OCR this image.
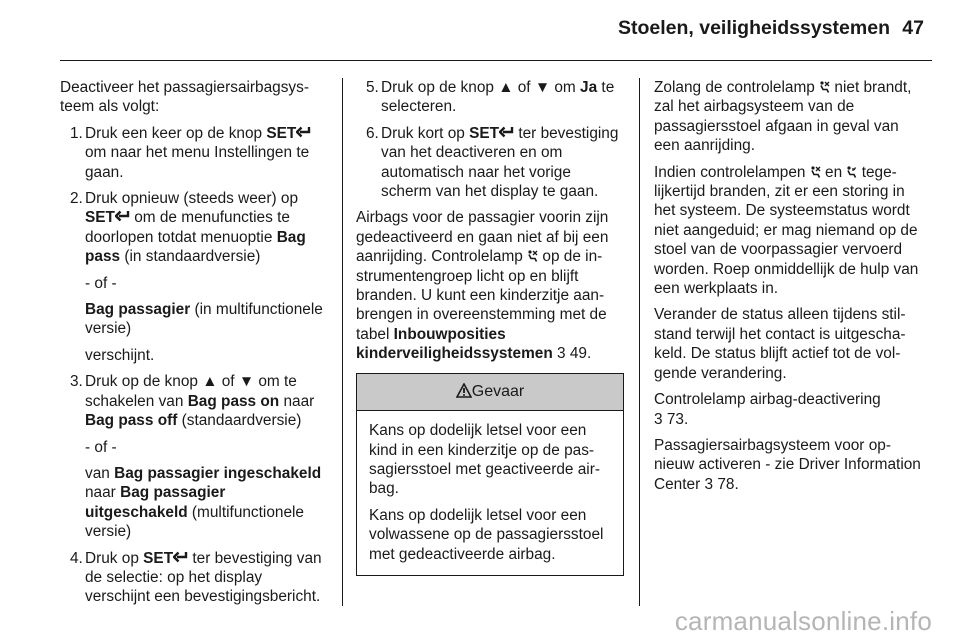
Stoelen, veiligheidssystemen 47

Deactiveer het passagiersairbagsysteem als volgt:

1. Druk een keer op de knop SET om naar het menu Instellingen te gaan.
2. Druk opnieuw (steeds weer) op SET om de menufuncties te doorlopen totdat menuoptie Bag pass (in standaardversie)

- of -

Bag passagier (in multifunctionele versie)

verschijnt.

3. Druk op de knop ▲ of ▼ om te schakelen van Bag pass on naar Bag pass off (standaardversie)

- of -

van Bag passagier ingeschakeld naar Bag passagier uitgeschakeld (multifunctionele versie)

4. Druk op SET ter bevestiging van de selectie: op het display verschijnt een bevestigingsbericht.
5. Druk op de knop ▲ of ▼ om Ja te selecteren.
6. Druk kort op SET ter bevestiging van het deactiveren en om automatisch naar het vorige scherm van het display te gaan.

Airbags voor de passagier voorin zijn gedeactiveerd en gaan niet af bij een aanrijding. Controlelamp op de instrumentengroep licht op en blijft branden. U kunt een kinderzitje aanbrengen in overeenstemming met de tabel Inbouwposities kinderveiligheidssystemen 3 49.

Gevaar

Kans op dodelijk letsel voor een kind in een kinderzitje op de passagiersstoel met geactiveerde airbag.

Kans op dodelijk letsel voor een volwassene op de passagiersstoel met gedeactiveerde airbag.

Zolang de controlelamp niet brandt, zal het airbagsysteem van de passagiersstoel afgaan in geval van een aanrijding.

Indien controlelampen en tegelijkertijd branden, zit er een storing in het systeem. De systeemstatus wordt niet aangeduid; er mag niemand op de stoel van de voorpassagier vervoerd worden. Roep onmiddellijk de hulp van een werkplaats in.

Verander de status alleen tijdens stilstand terwijl het contact is uitgeschakeld. De status blijft actief tot de volgende verandering.

Controlelamp airbag-deactivering
3 73.

Passagiersairbagsysteem voor opnieuw activeren - zie Driver Information Center 3 78.

carmanualsonline.info
